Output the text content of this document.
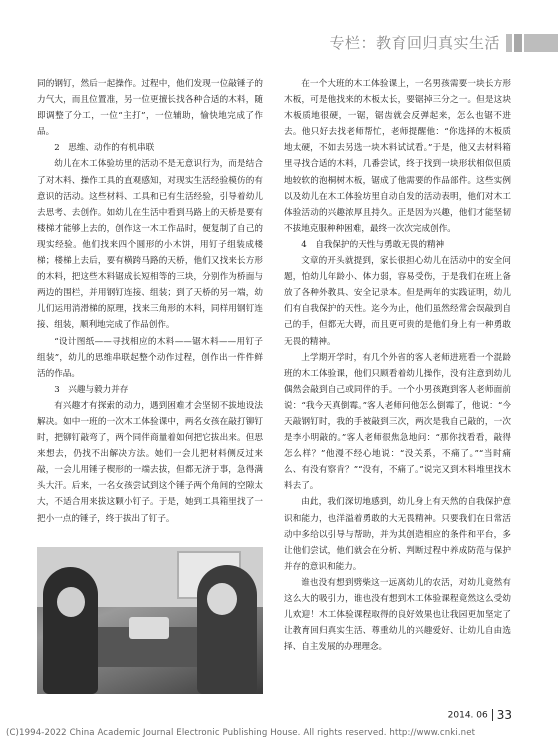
专栏：教育回归真实生活

同的钢钉，然后一起操作。过程中，他们发现一位敲锤子的力气大，而且位置准，另一位更擅长找各种合适的木料，随即调整了分工，一位“主打”，一位辅助，愉快地完成了作品。

2　思维、动作的有机串联

幼儿在木工体验坊里的活动不是无意识行为，而是结合了对木料、操作工具的直观感知，对现实生活经验模仿的有意识的活动。这些材料、工具和已有生活经验，引导着幼儿去思考、去创作。如幼儿在生活中看到马路上的天桥是要有楼梯才能够上去的，创作这一木工作品时，便复制了自己的现实经验。他们找来四个圆形的小木饼，用钉子组装成楼梯；楼梯上去后，要有横跨马路的天桥，他们又找来长方形的木料，把这些木料锯成长短相等的三块，分别作为桥面与两边的围栏，并用钢钉连接、组装；到了天桥的另一端，幼儿们运用消滑梯的原理，找来三角形的木料，同样用钢钉连接、组装，顺利地完成了作品创作。

“设计图纸——寻找相应的木料——锯木料——用钉子组装”，幼儿的思维串联起整个动作过程，创作出一件件鲜活的作品。

3　兴趣与毅力并存

有兴趣才有探索的动力，遇到困难才会坚韧不拔地设法解决。如中一班的一次木工体验课中，两名女孩在敲打铆钉时，把铆钉敲弯了，两个同伴商量着如何把它拔出来。但思来想去，仍找不出解决方法。她们一会儿把材料侧反过来敲，一会儿用锤子楔形的一端去拔，但都无济于事，急得满头大汗。后来，一名女孩尝试到这个锤子两个角间的空隙太大，不适合用来拔这颗小钉子。于是，她到工具箱里找了一把小一点的锤子，终于拔出了钉子。

在一个大班的木工体验课上，一名男孩需要一块长方形木板，可是他找来的木板太长，要锯掉三分之一。但是这块木板质地很硬，一锯，锯齿就会反弹起来，怎么也锯不进去。他只好去找老师帮忙，老师提醒他：“你选择的木板质地太硬，不如去另选一块木料试试看。”于是，他又去材料箱里寻找合适的木料，几番尝试，终于找到一块形状相似但质地较软的泡桐树木板，锯成了他需要的作品部件。这些实例以及幼儿在木工体验坊里自动自发的活动表明，他们对木工体验活动的兴趣浓厚且持久。正是因为兴趣，他们才能坚韧不拔地克服种种困难，最终一次次完成创作。

4　自我保护的天性与勇敢无畏的精神

文章的开头就提到，家长很担心幼儿在活动中的安全问题，怕幼儿年龄小、体力弱，容易受伤，于是我们在班上备放了各种外教具、安全记录本。但是两年的实践证明，幼儿们有自我保护的天性。迄今为止，他们虽然经常会误敲到自己的手，但都无大碍，而且更可贵的是他们身上有一种勇敢无畏的精神。

上学期开学时，有几个外省的客人老师进班看一个混龄班的木工体验课，他们只顾看着幼儿操作，没有注意到幼儿偶然会敲到自己或同伴的手。一个小男孩跑到客人老师面前说：“我今天真倒霉。”客人老师问他怎么倒霉了，他说：“今天敲钢钉时，我的手被敲到三次，两次是我自己敲的，一次是李小明敲的。”客人老师很焦急地问：“那你找看看，敲得怎么样？”他漫不经心地说：“没关系，不痛了。”“当时痛么、有没有察肯？”“没有，不痛了。”说完又到木料堆里找木料去了。

由此，我们深切地感到，幼儿身上有天然的自我保护意识和能力，也洋溢着勇敢的大无畏精神。只要我们在日常活动中多给以引导与帮助，并为其创造相应的条件和平台，多让他们尝试，他们就会在分析、判断过程中养成防范与保护并存的意识和能力。

谁也没有想到劈柴这一远离幼儿的农活，对幼儿竟然有这么大的吸引力，谁也没有想到木工体验课程竟然这么受幼儿欢迎！木工体验课程取得的良好效果也让我园更加坚定了让教育回归真实生活、尊重幼儿的兴趣爱好、让幼儿自由选择、自主发展的办理理念。

2014. 06 33
(C)1994-2022 China Academic Journal Electronic Publishing House. All rights reserved. http://www.cnki.net
